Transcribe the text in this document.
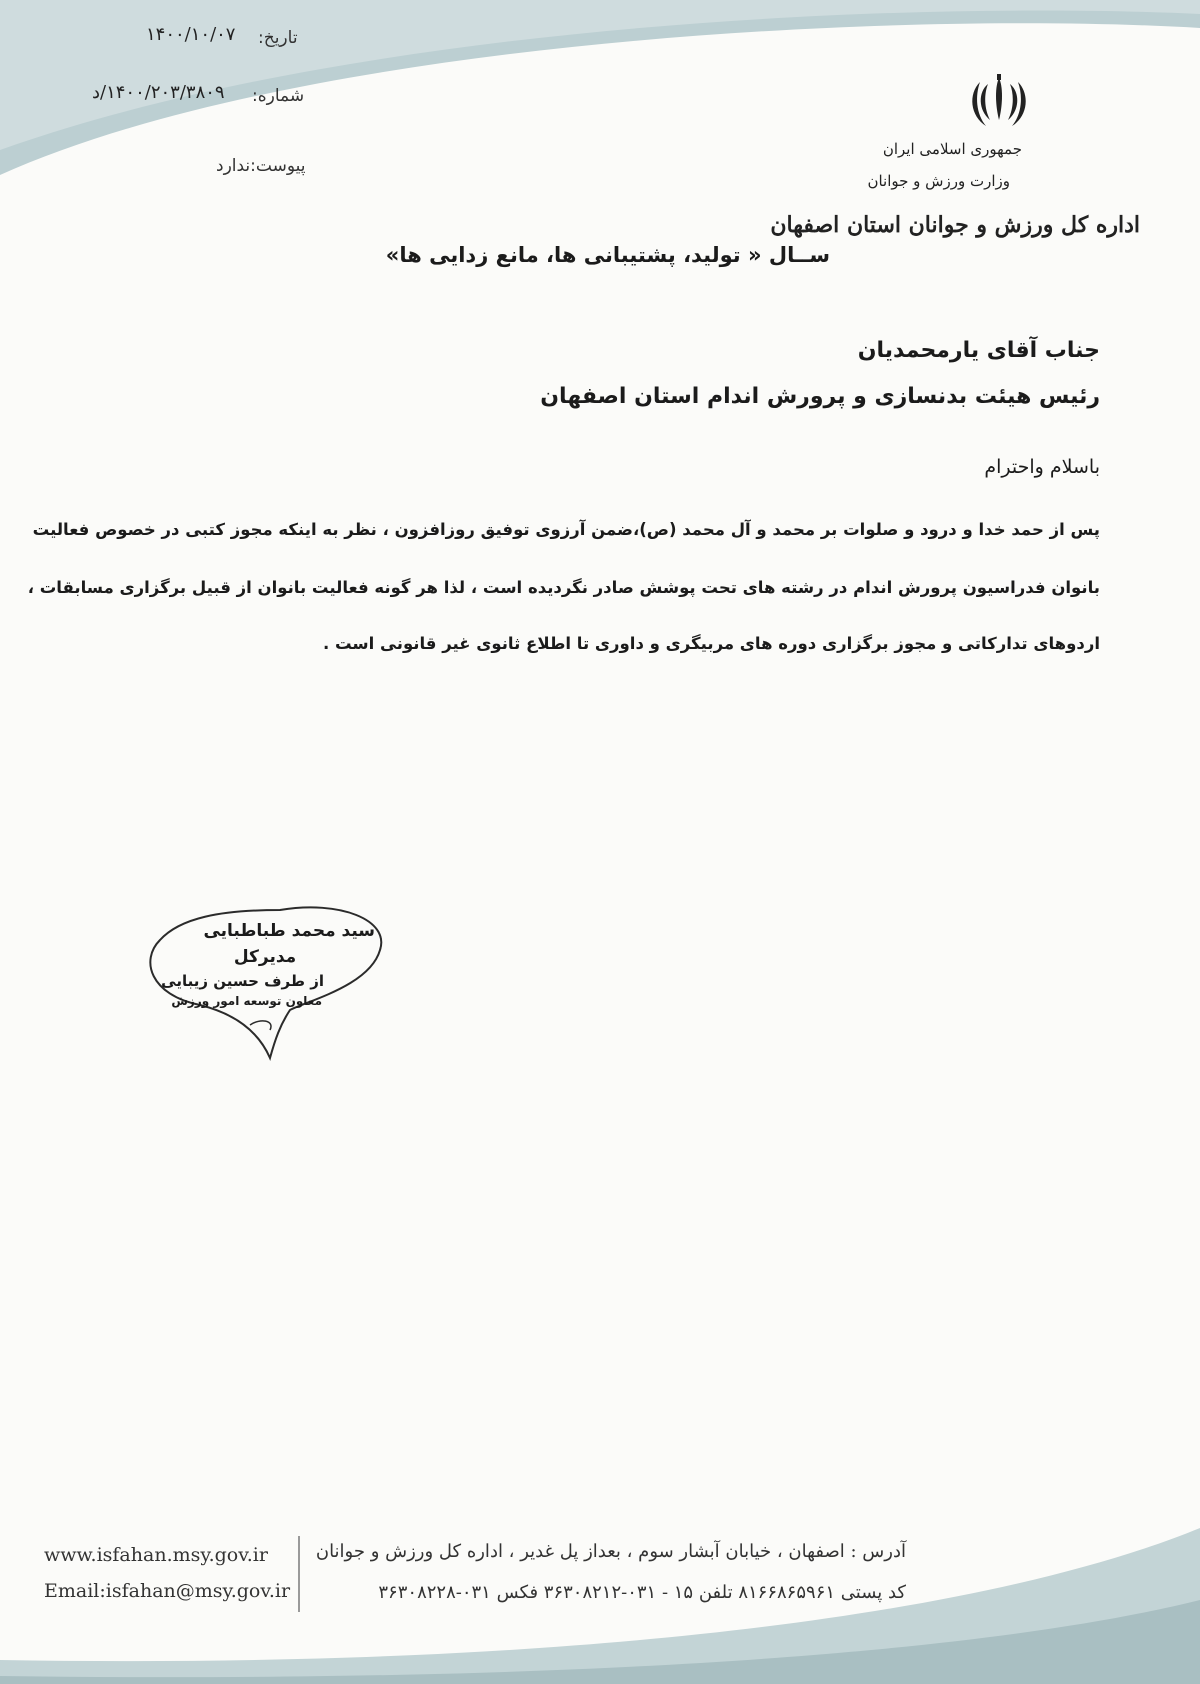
تاریخ:
۱۴۰۰/۱۰/۰۷
شماره:
۱۴۰۰/۲۰۳/۳۸۰۹/د
پیوست:ندارد
جمهوری اسلامی ایران
وزارت ورزش و جوانان
اداره کل ورزش و جوانان استان اصفهان
ســال « تولید، پشتیبانی ها، مانع زدایی ها»
جناب آقای یارمحمدیان
رئیس هیئت بدنسازی و پرورش اندام استان اصفهان
باسلام واحترام
پس از حمد خدا و درود و صلوات بر محمد و آل محمد (ص)،ضمن آرزوی توفیق روزافزون ، نظر به اینکه مجوز کتبی در خصوص فعالیت
بانوان فدراسیون پرورش اندام در رشته های تحت پوشش صادر نگردیده است ، لذا هر گونه فعالیت بانوان از قبیل برگزاری مسابقات ،
اردوهای تدارکاتی و مجوز برگزاری دوره های مربیگری و داوری تا اطلاع ثانوی غیر قانونی است .
سید محمد طباطبایی
مدیرکل
از طرف حسین زیبایی
معاون توسعه امور ورزش
www.isfahan.msy.gov.ir
Email:isfahan@msy.gov.ir
آدرس : اصفهان ، خیابان آبشار سوم ، بعداز پل غدیر ، اداره کل ورزش و جوانان
کد پستی ۸۱۶۶۸۶۵۹۶۱ تلفن ۱۵ - ۰۳۱-۳۶۳۰۸۲۱۲ فکس ۰۳۱-۳۶۳۰۸۲۲۸
